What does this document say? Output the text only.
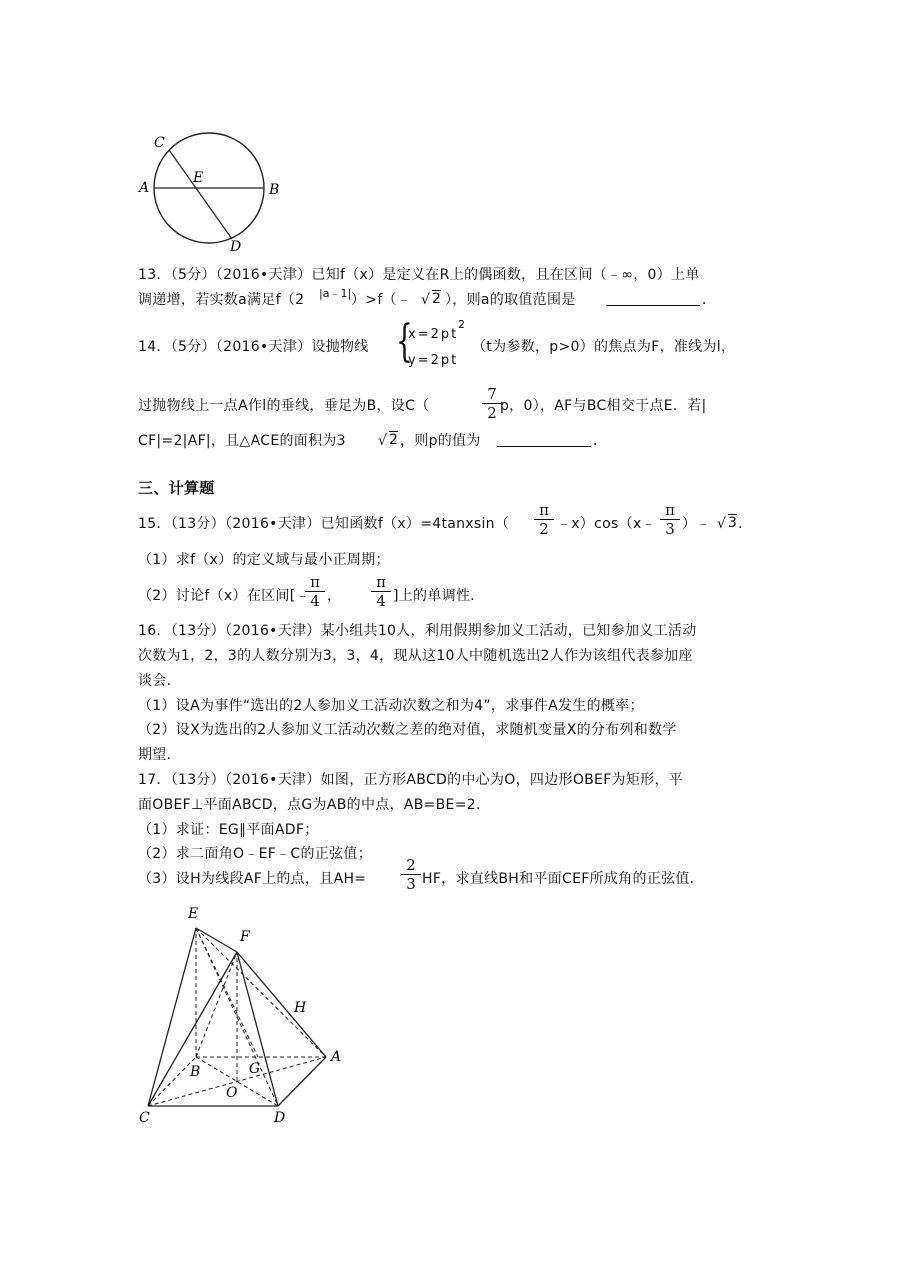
C
E
A	B
D
13．（5分）（2016•天津）已知f（x）是定义在R上的偶函数，且在区间（﹣∞，0）上单
调递增，若实数a满足f（2 |a﹣1| ）>f（﹣ √ 2 ），则a的取值范围是	．
14．（5分）（2016•天津）设抛物线 {
x=2pt
2
y=2pt
（t为参数，p>0）的焦点为F，准线为l，
过抛物线上一点A作l的垂线，垂足为B，设C（
7
2 p，0），AF与BC相交于点E．若|
CF|=2|AF|，且△ACE的面积为3 √ 2 ，则p的值为	．
三、计算题
15．（13分）（2016•天津）已知函数f（x）=4tanxsin（
π
2 ﹣x）cos（x﹣
π
3 ）﹣ √ 3 ．
（1）求f（x）的定义域与最小正周期；
（2）讨论f（x）在区间[﹣
π
4 ，
π
4 ]上的单调性．
16．（13分）（2016•天津）某小组共10人，利用假期参加义工活动，已知参加义工活动
次数为1，2，3的人数分别为3，3，4，现从这10人中随机选出2人作为该组代表参加座
谈会．
（1）设A为事件“选出的2人参加义工活动次数之和为4”，求事件A发生的概率；
（2）设X为选出的2人参加义工活动次数之差的绝对值，求随机变量X的分布列和数学
期望．
17．（13分）（2016•天津）如图，正方形ABCD的中心为O，四边形OBEF为矩形，平
面OBEF⊥平面ABCD，点G为AB的中点，AB=BE=2．
（1）求证：EG∥平面ADF；
（2）求二面角O﹣EF﹣C的正弦值；
（3）设H为线段AF上的点，且AH=
2
3 HF，求直线BH和平面CEF所成角的正弦值．
E
F
H
A
B	G
O
C	D
